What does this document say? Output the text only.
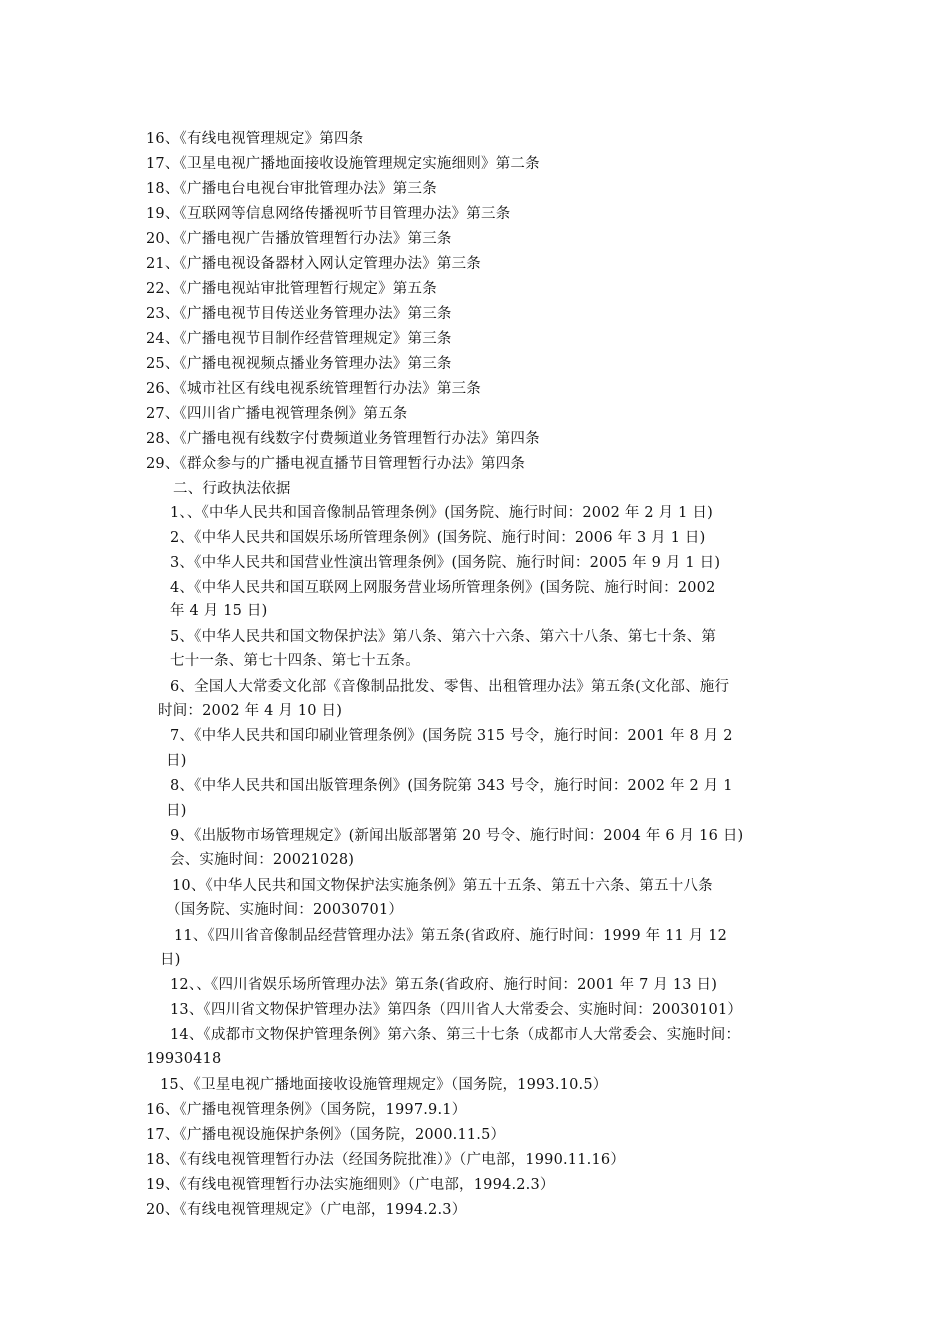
16、《有线电视管理规定》第四条
17、《卫星电视广播地面接收设施管理规定实施细则》第二条
18、《广播电台电视台审批管理办法》第三条
19、《互联网等信息网络传播视听节目管理办法》第三条
20、《广播电视广告播放管理暂行办法》第三条
21、《广播电视设备器材入网认定管理办法》第三条
22、《广播电视站审批管理暂行规定》第五条
23、《广播电视节目传送业务管理办法》第三条
24、《广播电视节目制作经营管理规定》第三条
25、《广播电视视频点播业务管理办法》第三条
26、《城市社区有线电视系统管理暂行办法》第三条
27、《四川省广播电视管理条例》第五条
28、《广播电视有线数字付费频道业务管理暂行办法》第四条
29、《群众参与的广播电视直播节目管理暂行办法》第四条
二、行政执法依据
1、、《中华人民共和国音像制品管理条例》(国务院、施行时间：2002 年 2 月 1 日)
2、《中华人民共和国娱乐场所管理条例》(国务院、施行时间：2006 年 3 月 1 日)
3、《中华人民共和国营业性演出管理条例》(国务院、施行时间：2005 年 9 月 1 日)
4、《中华人民共和国互联网上网服务营业场所管理条例》(国务院、施行时间：2002
年 4 月 15 日)
5、《中华人民共和国文物保护法》第八条、第六十六条、第六十八条、第七十条、第
七十一条、第七十四条、第七十五条。
6、全国人大常委文化部《音像制品批发、零售、出租管理办法》第五条(文化部、施行
时间：2002 年 4 月 10 日)
7、《中华人民共和国印刷业管理条例》(国务院 315 号令，施行时间：2001 年 8 月 2
日)
8、《中华人民共和国出版管理条例》(国务院第 343 号令，施行时间：2002 年 2 月 1
日)
9、《出版物市场管理规定》(新闻出版部署第 20 号令、施行时间：2004 年 6 月 16 日)
会、实施时间：20021028)
10、《中华人民共和国文物保护法实施条例》第五十五条、第五十六条、第五十八条
（国务院、实施时间：20030701）
11、《四川省音像制品经营管理办法》第五条(省政府、施行时间：1999 年 11 月 12
日)
12、、《四川省娱乐场所管理办法》第五条(省政府、施行时间：2001 年 7 月 13 日)
13、《四川省文物保护管理办法》第四条（四川省人大常委会、实施时间：20030101）
14、《成都市文物保护管理条例》第六条、第三十七条（成都市人大常委会、实施时间：
19930418
15、《卫星电视广播地面接收设施管理规定》（国务院，1993.10.5）
16、《广播电视管理条例》（国务院，1997.9.1）
17、《广播电视设施保护条例》（国务院，2000.11.5）
18、《有线电视管理暂行办法（经国务院批准）》（广电部，1990.11.16）
19、《有线电视管理暂行办法实施细则》（广电部，1994.2.3）
20、《有线电视管理规定》（广电部，1994.2.3）
